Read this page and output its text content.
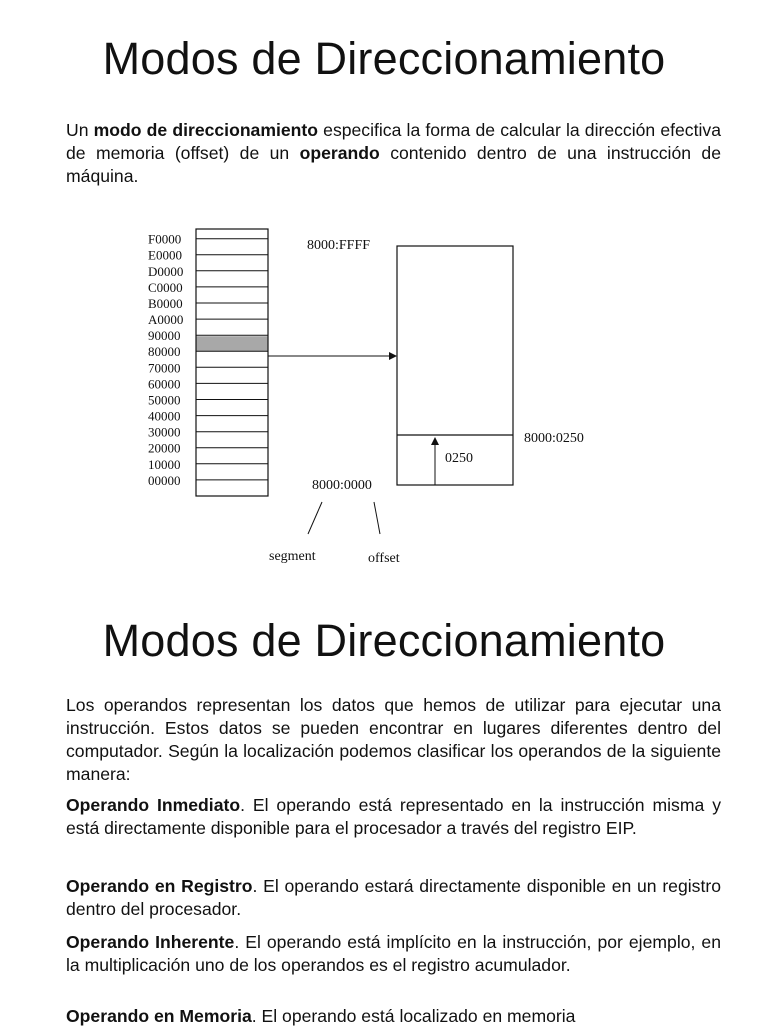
Modos de Direccionamiento

Un modo de direccionamiento especifica la forma de calcular la dirección efectiva de memoria (offset) de un operando contenido dentro de una instrucción de máquina.

F0000
E0000
D0000
C0000
B0000
A0000
90000
80000
70000
60000
50000
40000
30000
20000
10000
00000
8000:FFFF
0250
8000:0250
8000:0000
segment	offset
Modos de Direccionamiento

Los operandos representan los datos que hemos de utilizar para ejecutar una instrucción. Estos datos se pueden encontrar en lugares diferentes dentro del computador. Según la localización podemos clasificar los operandos de la siguiente manera:

Operando Inmediato. El operando está representado en la instrucción misma y está directamente disponible para el procesador a través del registro EIP.

Operando en Registro. El operando estará directamente disponible en un registro dentro del procesador.

Operando Inherente. El operando está implícito en la instrucción, por ejemplo, en la multiplicación uno de los operandos es el registro acumulador.

Operando en Memoria. El operando está localizado en memoria
